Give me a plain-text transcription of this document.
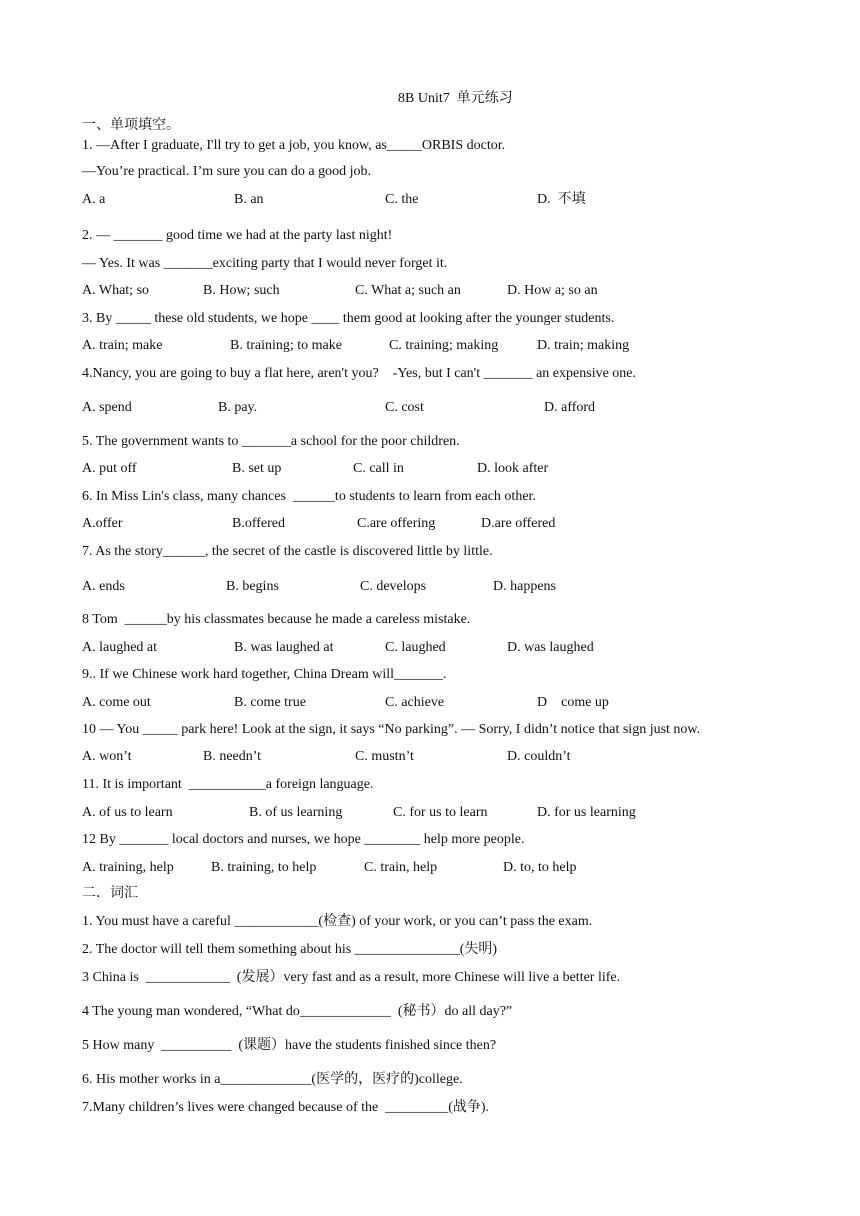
8B Unit7  单元练习
一、单项填空。
1. —After I graduate, I'll try to get a job, you know, as_____ORBIS doctor.
—You’re practical. I’m sure you can do a good job.
A. a	B. an	C. the	D.  不填
2. — _______ good time we had at the party last night!
— Yes. It was _______exciting party that I would never forget it.
A. What; so	B. How; such	C. What a; such an	D. How a; so an
3. By _____ these old students, we hope ____ them good at looking after the younger students.
A. train; make	B. training; to make	C. training; making	D. train; making
4.Nancy, you are going to buy a flat here, aren't you?    -Yes, but I can't _______ an expensive one.
A. spend	B. pay.	C. cost	D. afford
5. The government wants to _______a school for the poor children.
A. put off	B. set up	C. call in	D. look after
6. In Miss Lin's class, many chances  ______to students to learn from each other.
A.offer	B.offered	C.are offering	D.are offered
7. As the story______, the secret of the castle is discovered little by little.
A. ends	B. begins	C. develops	D. happens
8 Tom  ______by his classmates because he made a careless mistake.
A. laughed at	B. was laughed at	C. laughed	D. was laughed
9.. If we Chinese work hard together, China Dream will_______.
A. come out	B. come true	C. achieve	D    come up
10 — You _____ park here! Look at the sign, it says “No parking”. — Sorry, I didn’t notice that sign just now.
A. won’t	B. needn’t	C. mustn’t	D. couldn’t
11. It is important  ___________a foreign language.
A. of us to learn	B. of us learning	C. for us to learn	D. for us learning
12 By _______ local doctors and nurses, we hope ________ help more people.
A. training, help	B. training, to help	C. train, help	D. to, to help
二．词汇
1. You must have a careful ____________(检查) of your work, or you can’t pass the exam.
2. The doctor will tell them something about his _______________(失明)
3 China is  ____________  (发展）very fast and as a result, more Chinese will live a better life.
4 The young man wondered, “What do_____________  (秘书）do all day?”
5 How many  __________  (课题）have the students finished since then?
6. His mother works in a_____________(医学的，医疗的)college.
7.Many children’s lives were changed because of the  _________(战争).
